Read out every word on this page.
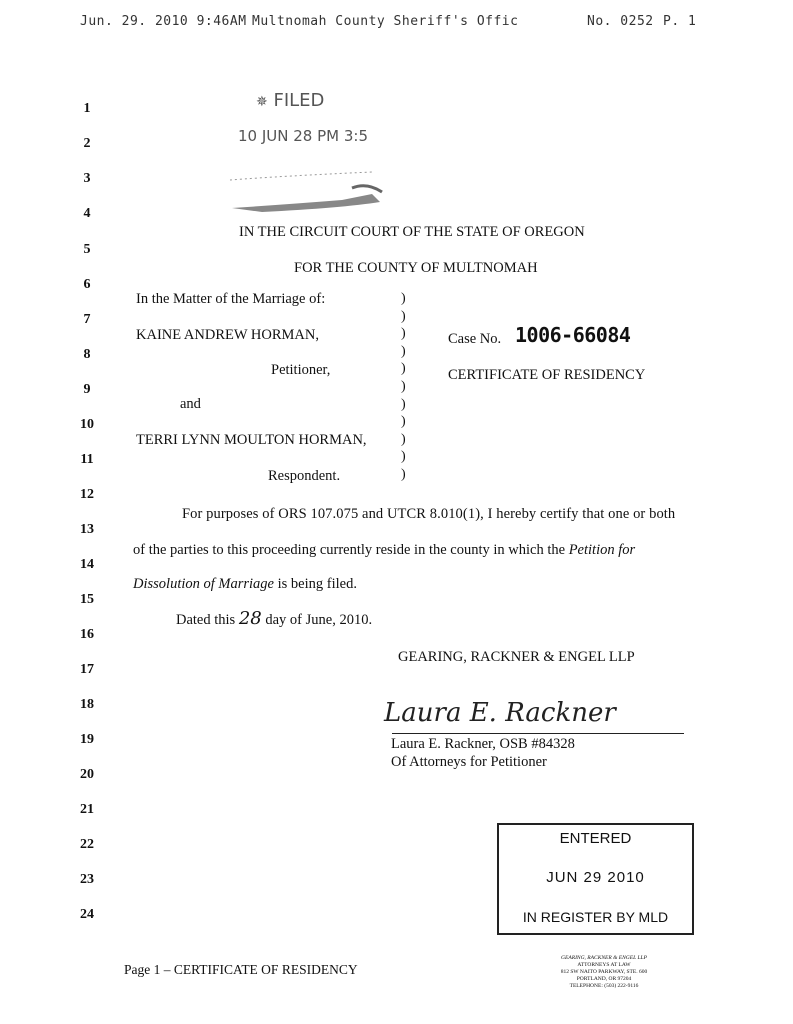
Jun. 29. 2010 9:46AM Multnomah County Sheriff's Offic	No. 0252 P. 1
✵ FILED
10 JUN 28 PM 3:5
1
2
3
4
5
6
7
8
9
10
11
12
13
14
15
16
17
18
19
20
21
22
23
24
IN THE CIRCUIT COURT OF THE STATE OF OREGON
FOR THE COUNTY OF MULTNOMAH
In the Matter of the Marriage of:
KAINE ANDREW HORMAN,
Petitioner,
and
TERRI LYNN MOULTON HORMAN,
Respondent.
)
)
)
)
)
)
)
)
)
)
)
Case No. 1006-66084
CERTIFICATE OF RESIDENCY
For purposes of ORS 107.075 and UTCR 8.010(1), I hereby certify that one or both
of the parties to this proceeding currently reside in the county in which the Petition for
Dissolution of Marriage is being filed.
Dated this 28 day of June, 2010.
GEARING, RACKNER & ENGEL LLP
Laura E. Rackner
Laura E. Rackner, OSB #84328
Of Attorneys for Petitioner
ENTERED
JUN 29 2010
IN REGISTER BY MLD
Page 1 – CERTIFICATE OF RESIDENCY
GEARING, RACKNER & ENGEL LLP
ATTORNEYS AT LAW
812 SW NAITO PARKWAY, STE. 600
PORTLAND, OR 97204
TELEPHONE: (503) 222-9116
